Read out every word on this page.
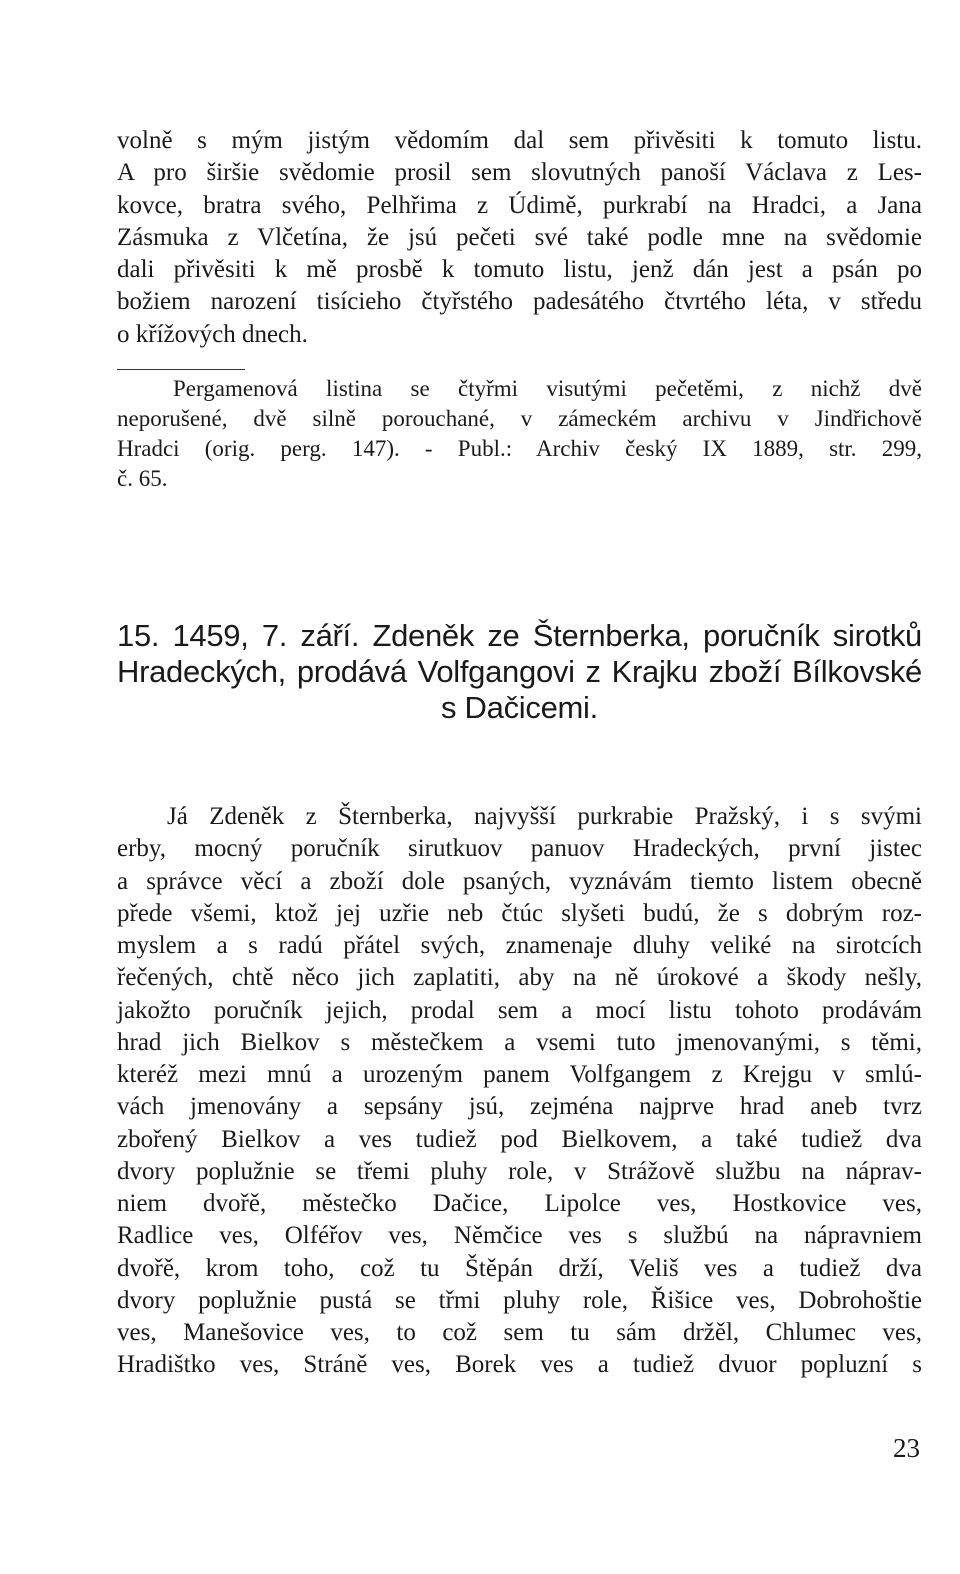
volně s mým jistým vědomím dal sem přivěsiti k tomuto listu.
A pro širšie svědomie prosil sem slovutných panoší Václava z Les-
kovce, bratra svého, Pelhřima z Údimě, purkrabí na Hradci, a Jana
Zásmuka z Vlčetína, že jsú pečeti své také podle mne na svědomie
dali přivěsiti k mě prosbě k tomuto listu, jenž dán jest a psán po
božiem narození tisícieho čtyřstého padesátého čtvrtého léta, v středu
o křížových dnech.
Pergamenová listina se čtyřmi visutými pečetěmi, z nichž dvě
neporušené, dvě silně porouchané, v zámeckém archivu v Jindřichově
Hradci (orig. perg. 147). - Publ.: Archiv český IX 1889, str. 299,
č. 65.
15. 1459, 7. září. Zdeněk ze Šternberka, poručník sirotků
Hradeckých, prodává Volfgangovi z Krajku zboží Bílkovské
s Dačicemi.
Já Zdeněk z Šternberka, najvyšší purkrabie Pražský, i s svými
erby, mocný poručník sirutkuov panuov Hradeckých, první jistec
a správce věcí a zboží dole psaných, vyznávám tiemto listem obecně
přede všemi, ktož jej uzřie neb čtúc slyšeti budú, že s dobrým roz-
myslem a s radú přátel svých, znamenaje dluhy veliké na sirotcích
řečených, chtě něco jich zaplatiti, aby na ně úrokové a škody nešly,
jakožto poručník jejich, prodal sem a mocí listu tohoto prodávám
hrad jich Bielkov s městečkem a vsemi tuto jmenovanými, s těmi,
kteréž mezi mnú a urozeným panem Volfgangem z Krejgu v smlú-
vách jmenovány a sepsány jsú, zejména najprve hrad aneb tvrz
zbořený Bielkov a ves tudiež pod Bielkovem, a také tudiež dva
dvory poplužnie se třemi pluhy role, v Strážově službu na náprav-
niem dvořě, městečko Dačice, Lipolce ves, Hostkovice ves,
Radlice ves, Olféřov ves, Němčice ves s službú na nápravniem
dvořě, krom toho, což tu Štěpán drží, Veliš ves a tudiež dva
dvory poplužnie pustá se třmi pluhy role, Řišice ves, Dobrohoštie
ves, Manešovice ves, to což sem tu sám držěl, Chlumec ves,
Hradištko ves, Stráně ves, Borek ves a tudiež dvuor popluzní s
23
